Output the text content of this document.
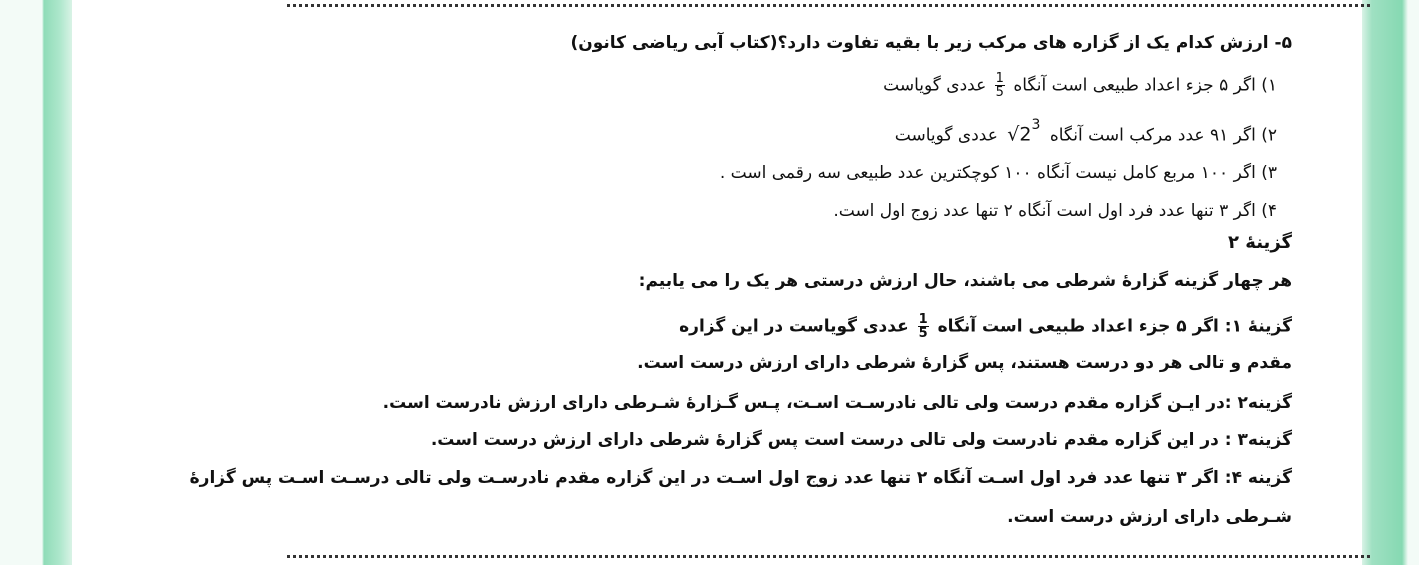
۵- ارزش کدام یک از گزاره های مرکب زیر با بقیه تفاوت دارد؟(کتاب آبی ریاضی کانون)
۱) اگر ۵ جزء اعداد طبیعی است آنگاه
$\frac{1}{5}$
عددی گویاست
۲) اگر ۹۱ عدد مرکب است آنگاه $√2^3$ عددی گویاست
۳) اگر ۱۰۰ مربع کامل نیست آنگاه ۱۰۰ کوچکترین عدد طبیعی سه رقمی است .
۴) اگر ۳ تنها عدد فرد اول است آنگاه ۲ تنها عدد زوج اول است.
گزینهٔ ۲
هر چهار گزینه گزارهٔ شرطی می باشند، حال ارزش درستی هر یک را می یابیم:
گزینهٔ ۱: اگر ۵ جزء اعداد طبیعی است آنگاه
$\frac{1}{5}$
عددی گویاست در این گزاره
مقدم و تالی هر دو درست هستند، پس گزارهٔ شرطی دارای ارزش درست است.
گزینه۲ :در ایـن گزاره مقدم درست ولی تالی نادرسـت اسـت، پـس گـزارهٔ شـرطی دارای ارزش نادرست است.
گزینه۳ : در این گزاره مقدم نادرست ولی تالی درست است پس گزارهٔ شرطی دارای ارزش درست است.
گزینه ۴: اگر ۳ تنها عدد فرد اول اسـت آنگاه ۲ تنها عدد زوج اول اسـت در این گزاره مقدم نادرسـت ولی تالی درسـت اسـت پس گزارهٔ
شـرطی دارای ارزش درست است.
